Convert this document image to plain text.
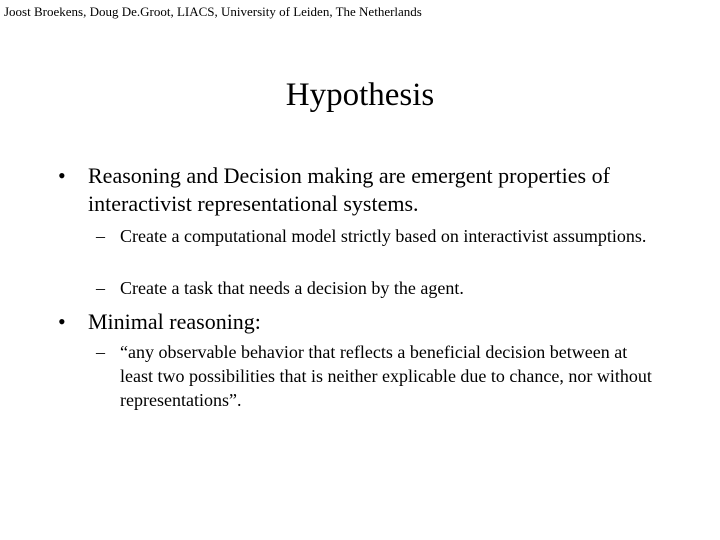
Joost Broekens, Doug De.Groot, LIACS, University of Leiden, The Netherlands
Hypothesis
• Reasoning and Decision making are emergent properties of interactivist representational systems.
– Create a computational model strictly based on interactivist assumptions.
– Create a task that needs a decision by the agent.
• Minimal reasoning:
– “any observable behavior that reflects a beneficial decision between at least two possibilities that is neither explicable due to chance, nor without representations”.
